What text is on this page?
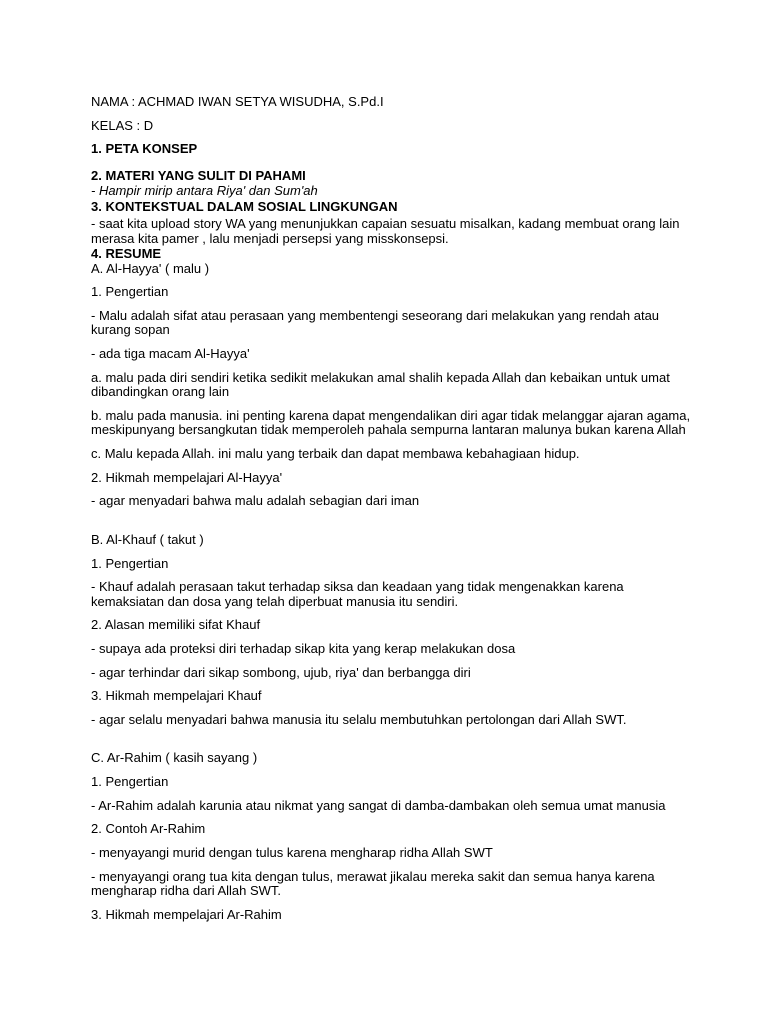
NAMA : ACHMAD IWAN SETYA WISUDHA, S.Pd.I
KELAS : D
1. PETA KONSEP
2. MATERI YANG SULIT DI PAHAMI
- Hampir mirip antara Riya' dan Sum'ah
3. KONTEKSTUAL DALAM SOSIAL LINGKUNGAN
- saat kita upload story WA yang menunjukkan capaian sesuatu misalkan, kadang membuat orang lain
merasa kita pamer , lalu menjadi persepsi yang misskonsepsi.
4. RESUME
A. Al-Hayya' ( malu )
1. Pengertian
- Malu adalah sifat atau perasaan yang membentengi seseorang dari melakukan yang rendah atau
kurang sopan
- ada tiga macam Al-Hayya'
a. malu pada diri sendiri ketika sedikit melakukan amal shalih kepada Allah dan kebaikan untuk umat
dibandingkan orang lain
b. malu pada manusia. ini penting karena dapat mengendalikan diri agar tidak melanggar ajaran agama,
meskipunyang bersangkutan tidak memperoleh pahala sempurna lantaran malunya bukan karena Allah
c. Malu kepada Allah. ini malu yang terbaik dan dapat membawa kebahagiaan hidup.
2. Hikmah mempelajari Al-Hayya'
- agar menyadari bahwa malu adalah sebagian dari iman
B. Al-Khauf ( takut )
1. Pengertian
- Khauf adalah perasaan takut terhadap siksa dan keadaan yang tidak mengenakkan karena
kemaksiatan dan dosa yang telah diperbuat manusia itu sendiri.
2. Alasan memiliki sifat Khauf
- supaya ada proteksi diri terhadap sikap kita yang kerap melakukan dosa
- agar terhindar dari sikap sombong, ujub, riya' dan berbangga diri
3. Hikmah mempelajari Khauf
- agar selalu menyadari bahwa manusia itu selalu membutuhkan pertolongan dari Allah SWT.
C. Ar-Rahim ( kasih sayang )
1. Pengertian
- Ar-Rahim adalah karunia atau nikmat yang sangat di damba-dambakan oleh semua umat manusia
2. Contoh Ar-Rahim
- menyayangi murid dengan tulus karena mengharap ridha Allah SWT
- menyayangi orang tua kita dengan tulus, merawat jikalau mereka sakit dan semua hanya karena
mengharap ridha dari Allah SWT.
3. Hikmah mempelajari Ar-Rahim
